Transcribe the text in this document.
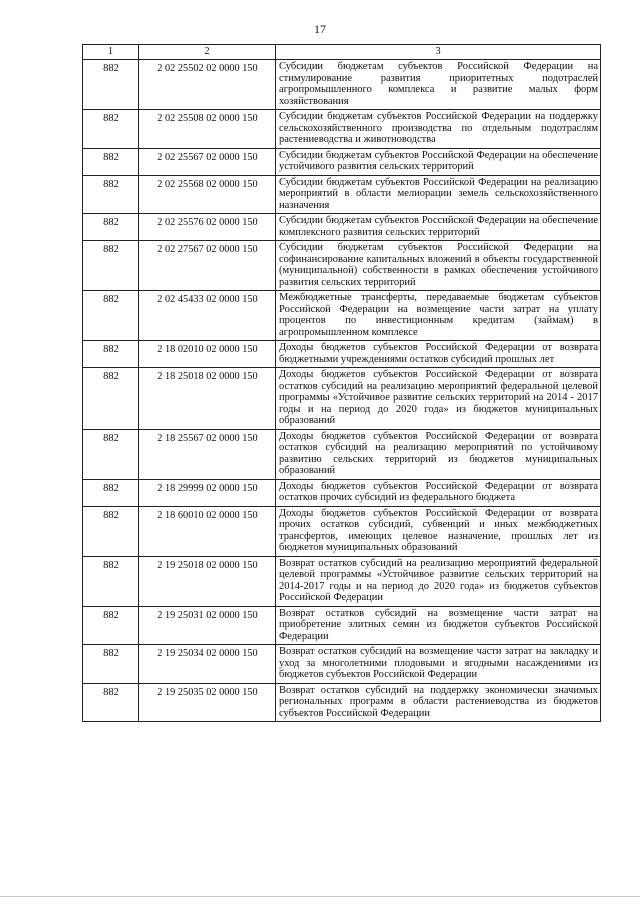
17
1	2	3
882	2 02 25502 02 0000 150	Субсидии бюджетам субъектов Российской Федерации на стимулирование развития приоритетных подотраслей агропромышленного комплекса и развитие малых форм хозяйствования
882	2 02 25508 02 0000 150	Субсидии бюджетам субъектов Российской Федерации на поддержку сельскохозяйственного производства по отдельным подотраслям растениеводства и животноводства
882	2 02 25567 02 0000 150	Субсидии бюджетам субъектов Российской Федерации на обеспечение устойчивого развития сельских территорий
882	2 02 25568 02 0000 150	Субсидии бюджетам субъектов Российской Федерации на реализацию мероприятий в области мелиорации земель сельскохозяйственного назначения
882	2 02 25576 02 0000 150	Субсидии бюджетам субъектов Российской Федерации на обеспечение комплексного развития сельских территорий
882	2 02 27567 02 0000 150	Субсидии бюджетам субъектов Российской Федерации на софинансирование капитальных вложений в объекты государственной (муниципальной) собственности в рамках обеспечения устойчивого развития сельских территорий
882	2 02 45433 02 0000 150	Межбюджетные трансферты, передаваемые бюджетам субъектов Российской Федерации на возмещение части затрат на уплату процентов по инвестиционным кредитам (займам) в агропромышленном комплексе
882	2 18 02010 02 0000 150	Доходы бюджетов субъектов Российской Федерации от возврата бюджетными учреждениями остатков субсидий прошлых лет
882	2 18 25018 02 0000 150	Доходы бюджетов субъектов Российской Федерации от возврата остатков субсидий на реализацию мероприятий федеральной целевой программы «Устойчивое развитие сельских территорий на 2014 - 2017 годы и на период до 2020 года» из бюджетов муниципальных образований
882	2 18 25567 02 0000 150	Доходы бюджетов субъектов Российской Федерации от возврата остатков субсидий на реализацию мероприятий по устойчивому развитию сельских территорий из бюджетов муниципальных образований
882	2 18 29999 02 0000 150	Доходы бюджетов субъектов Российской Федерации от возврата остатков прочих субсидий из федерального бюджета
882	2 18 60010 02 0000 150	Доходы бюджетов субъектов Российской Федерации от возврата прочих остатков субсидий, субвенций и иных межбюджетных трансфертов, имеющих целевое назначение, прошлых лет из бюджетов муниципальных образований
882	2 19 25018 02 0000 150	Возврат остатков субсидий на реализацию мероприятий федеральной целевой программы «Устойчивое развитие сельских территорий на 2014-2017 годы и на период до 2020 года» из бюджетов субъектов Российской Федерации
882	2 19 25031 02 0000 150	Возврат остатков субсидий на возмещение части затрат на приобретение элитных семян из бюджетов субъектов Российской Федерации
882	2 19 25034 02 0000 150	Возврат остатков субсидий на возмещение части затрат на закладку и уход за многолетними плодовыми и ягодными насаждениями из бюджетов субъектов Российской Федерации
882	2 19 25035 02 0000 150	Возврат остатков субсидий на поддержку экономически значимых региональных программ в области растениеводства из бюджетов субъектов Российской Федерации
